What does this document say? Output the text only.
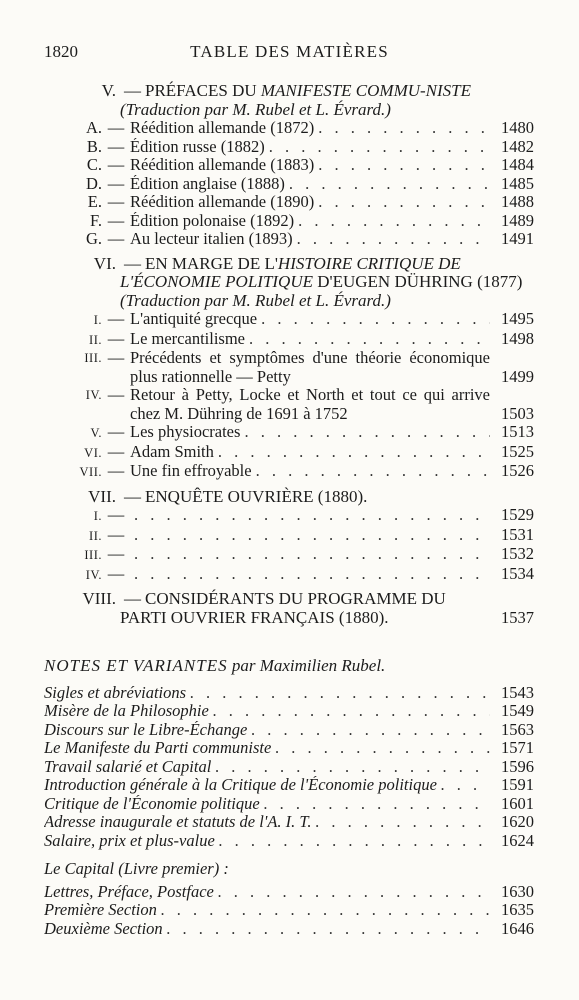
1820	TABLE DES MATIÈRES
V. — PRÉFACES DU MANIFESTE COMMU-NISTE (Traduction par M. Rubel et L. Évrard.)
A. — Réédition allemande (1872) . . .	1480
B. — Édition russe (1882) . . .	1482
C. — Réédition allemande (1883) . . .	1484
D. — Édition anglaise (1888) . . .	1485
E. — Réédition allemande (1890) . . .	1488
F. — Édition polonaise (1892) . . .	1489
G. — Au lecteur italien (1893) . . .	1491
VI. — EN MARGE DE L'HISTOIRE CRITIQUE DE L'ÉCONOMIE POLITIQUE D'EUGEN DÜHRING (1877) (Traduction par M. Rubel et L. Évrard.)
I. — L'antiquité grecque . . .	1495
II. — Le mercantilisme . . .	1498
III. — Précédents et symptômes d'une théorie économique plus rationnelle — Petty	1499
IV. — Retour à Petty, Locke et North et tout ce qui arrive chez M. Dühring de 1691 à 1752	1503
V. — Les physiocrates . . .	1513
VI. — Adam Smith . . .	1525
VII. — Une fin effroyable . . .	1526
VII. — ENQUÊTE OUVRIÈRE (1880).
I. — . . .	1529
II. — . . .	1531
III. — . . .	1532
IV. — . . .	1534
VIII. — CONSIDÉRANTS DU PROGRAMME DU PARTI OUVRIER FRANÇAIS (1880).	1537
NOTES ET VARIANTES par Maximilien Rubel.
Sigles et abréviations . . .	1543
Misère de la Philosophie . . .	1549
Discours sur le Libre-Échange . . .	1563
Le Manifeste du Parti communiste . . .	1571
Travail salarié et Capital . . .	1596
Introduction générale à la Critique de l'Économie politique . . .	1591
Critique de l'Économie politique . . .	1601
Adresse inaugurale et statuts de l'A. I. T. . . .	1620
Salaire, prix et plus-value . . .	1624
Le Capital (Livre premier) :
Lettres, Préface, Postface . . .	1630
Première Section . . .	1635
Deuxième Section . . .	1646
